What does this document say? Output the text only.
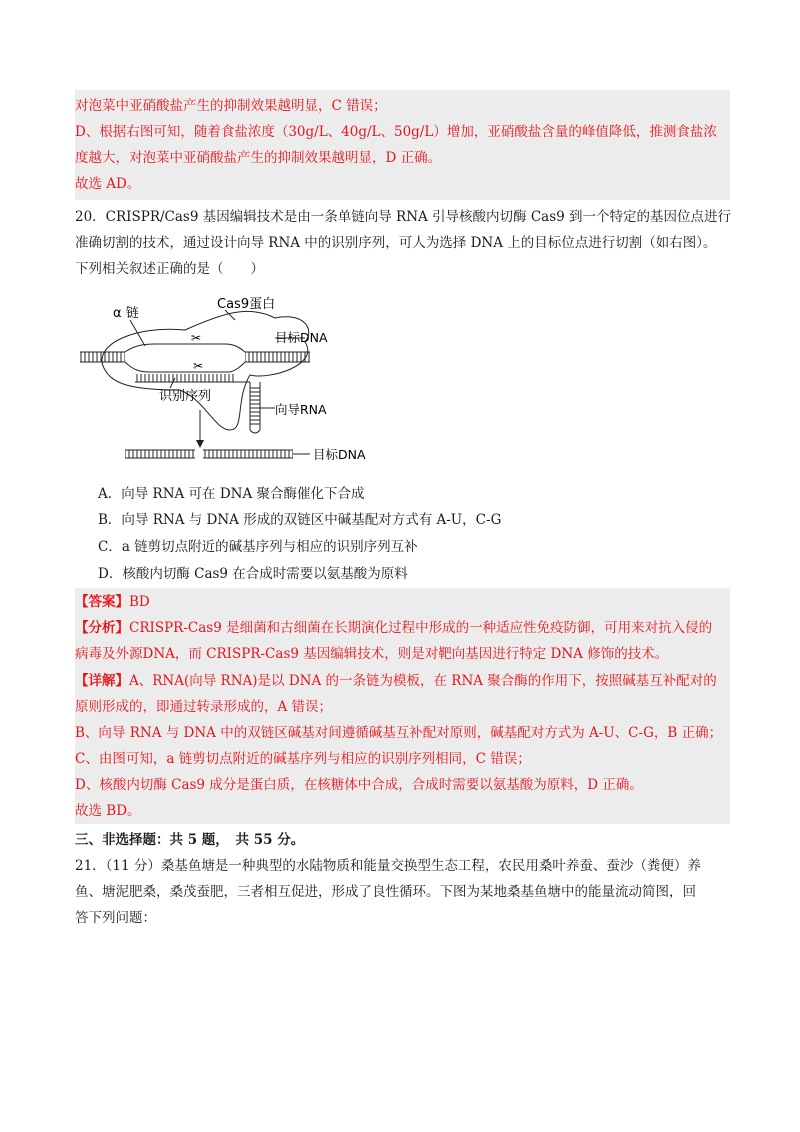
对泡菜中亚硝酸盐产生的抑制效果越明显，C 错误；
D、根据右图可知，随着食盐浓度（30g/L、40g/L、50g/L）增加，亚硝酸盐含量的峰值降低，推测食盐浓
度越大，对泡菜中亚硝酸盐产生的抑制效果越明显，D 正确。
故选 AD。
20．CRISPR/Cas9 基因编辑技术是由一条单链向导 RNA 引导核酸内切酶 Cas9 到一个特定的基因位点进行
准确切割的技术，通过设计向导 RNA 中的识别序列，可人为选择 DNA 上的目标位点进行切割（如右图）。
下列相关叙述正确的是（　　）
✂
✂
α 链
Cas9蛋白
目标DNA
识别序列
向导RNA
目标DNA
A．向导 RNA 可在 DNA 聚合酶催化下合成
B．向导 RNA 与 DNA 形成的双链区中碱基配对方式有 A-U，C-G
C．a 链剪切点附近的碱基序列与相应的识别序列互补
D．核酸内切酶 Cas9 在合成时需要以氨基酸为原料
【答案】BD
【分析】CRISPR-Cas9 是细菌和古细菌在长期演化过程中形成的一种适应性免疫防御，可用来对抗入侵的
病毒及外源DNA，而 CRISPR-Cas9 基因编辑技术，则是对靶向基因进行特定 DNA 修饰的技术。
【详解】A、RNA(向导 RNA)是以 DNA 的一条链为模板，在 RNA 聚合酶的作用下，按照碱基互补配对的
原则形成的，即通过转录形成的，A 错误；
B、向导 RNA 与 DNA 中的双链区碱基对间遵循碱基互补配对原则，碱基配对方式为 A-U、C-G，B 正确；
C、由图可知，a 链剪切点附近的碱基序列与相应的识别序列相同，C 错误；
D、核酸内切酶 Cas9 成分是蛋白质，在核糖体中合成，合成时需要以氨基酸为原料，D 正确。
故选 BD。
三、非选择题：共 5 题，　共 55 分。
21．（11 分）桑基鱼塘是一种典型的水陆物质和能量交换型生态工程，农民用桑叶养蚕、蚕沙（粪便）养
鱼、塘泥肥桑，桑茂蚕肥，三者相互促进，形成了良性循环。下图为某地桑基鱼塘中的能量流动简图，回
答下列问题：
